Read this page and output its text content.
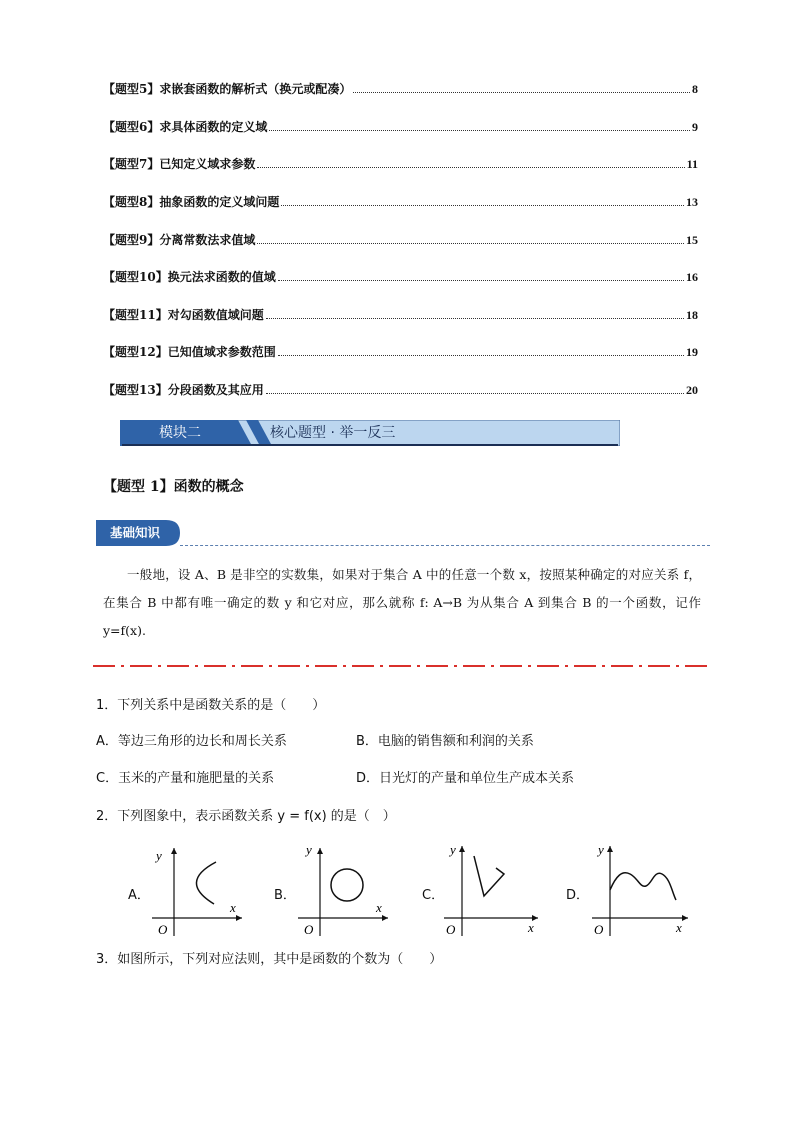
【题型5】求嵌套函数的解析式（换元或配凑）	8
【题型6】求具体函数的定义域	9
【题型7】已知定义域求参数	11
【题型8】抽象函数的定义域问题	13
【题型9】分离常数法求值域	15
【题型10】换元法求函数的值域	16
【题型11】对勾函数值域问题	18
【题型12】已知值域求参数范围	19
【题型13】分段函数及其应用	20
模块二	核心题型 · 举一反三
【题型 1】函数的概念
基础知识
一般地，设 A、B 是非空的实数集，如果对于集合 A 中的任意一个数 x，按照某种确定的对应关系 f，在集合 B 中都有唯一确定的数 y 和它对应，那么就称 f: A→B 为从集合 A 到集合 B 的一个函数，记作 y=f(x).
1．下列关系中是函数关系的是（　　）
A．等边三角形的边长和周长关系	B．电脑的销售额和利润的关系
C．玉米的产量和施肥量的关系	D．日光灯的产量和单位生产成本关系
2．下列图象中，表示函数关系 y = f(x) 的是（　）
A．	B．	C．	D．
y
x
O
y
x
O
y
x
O
y
x
O
3．如图所示，下列对应法则，其中是函数的个数为（　　）
